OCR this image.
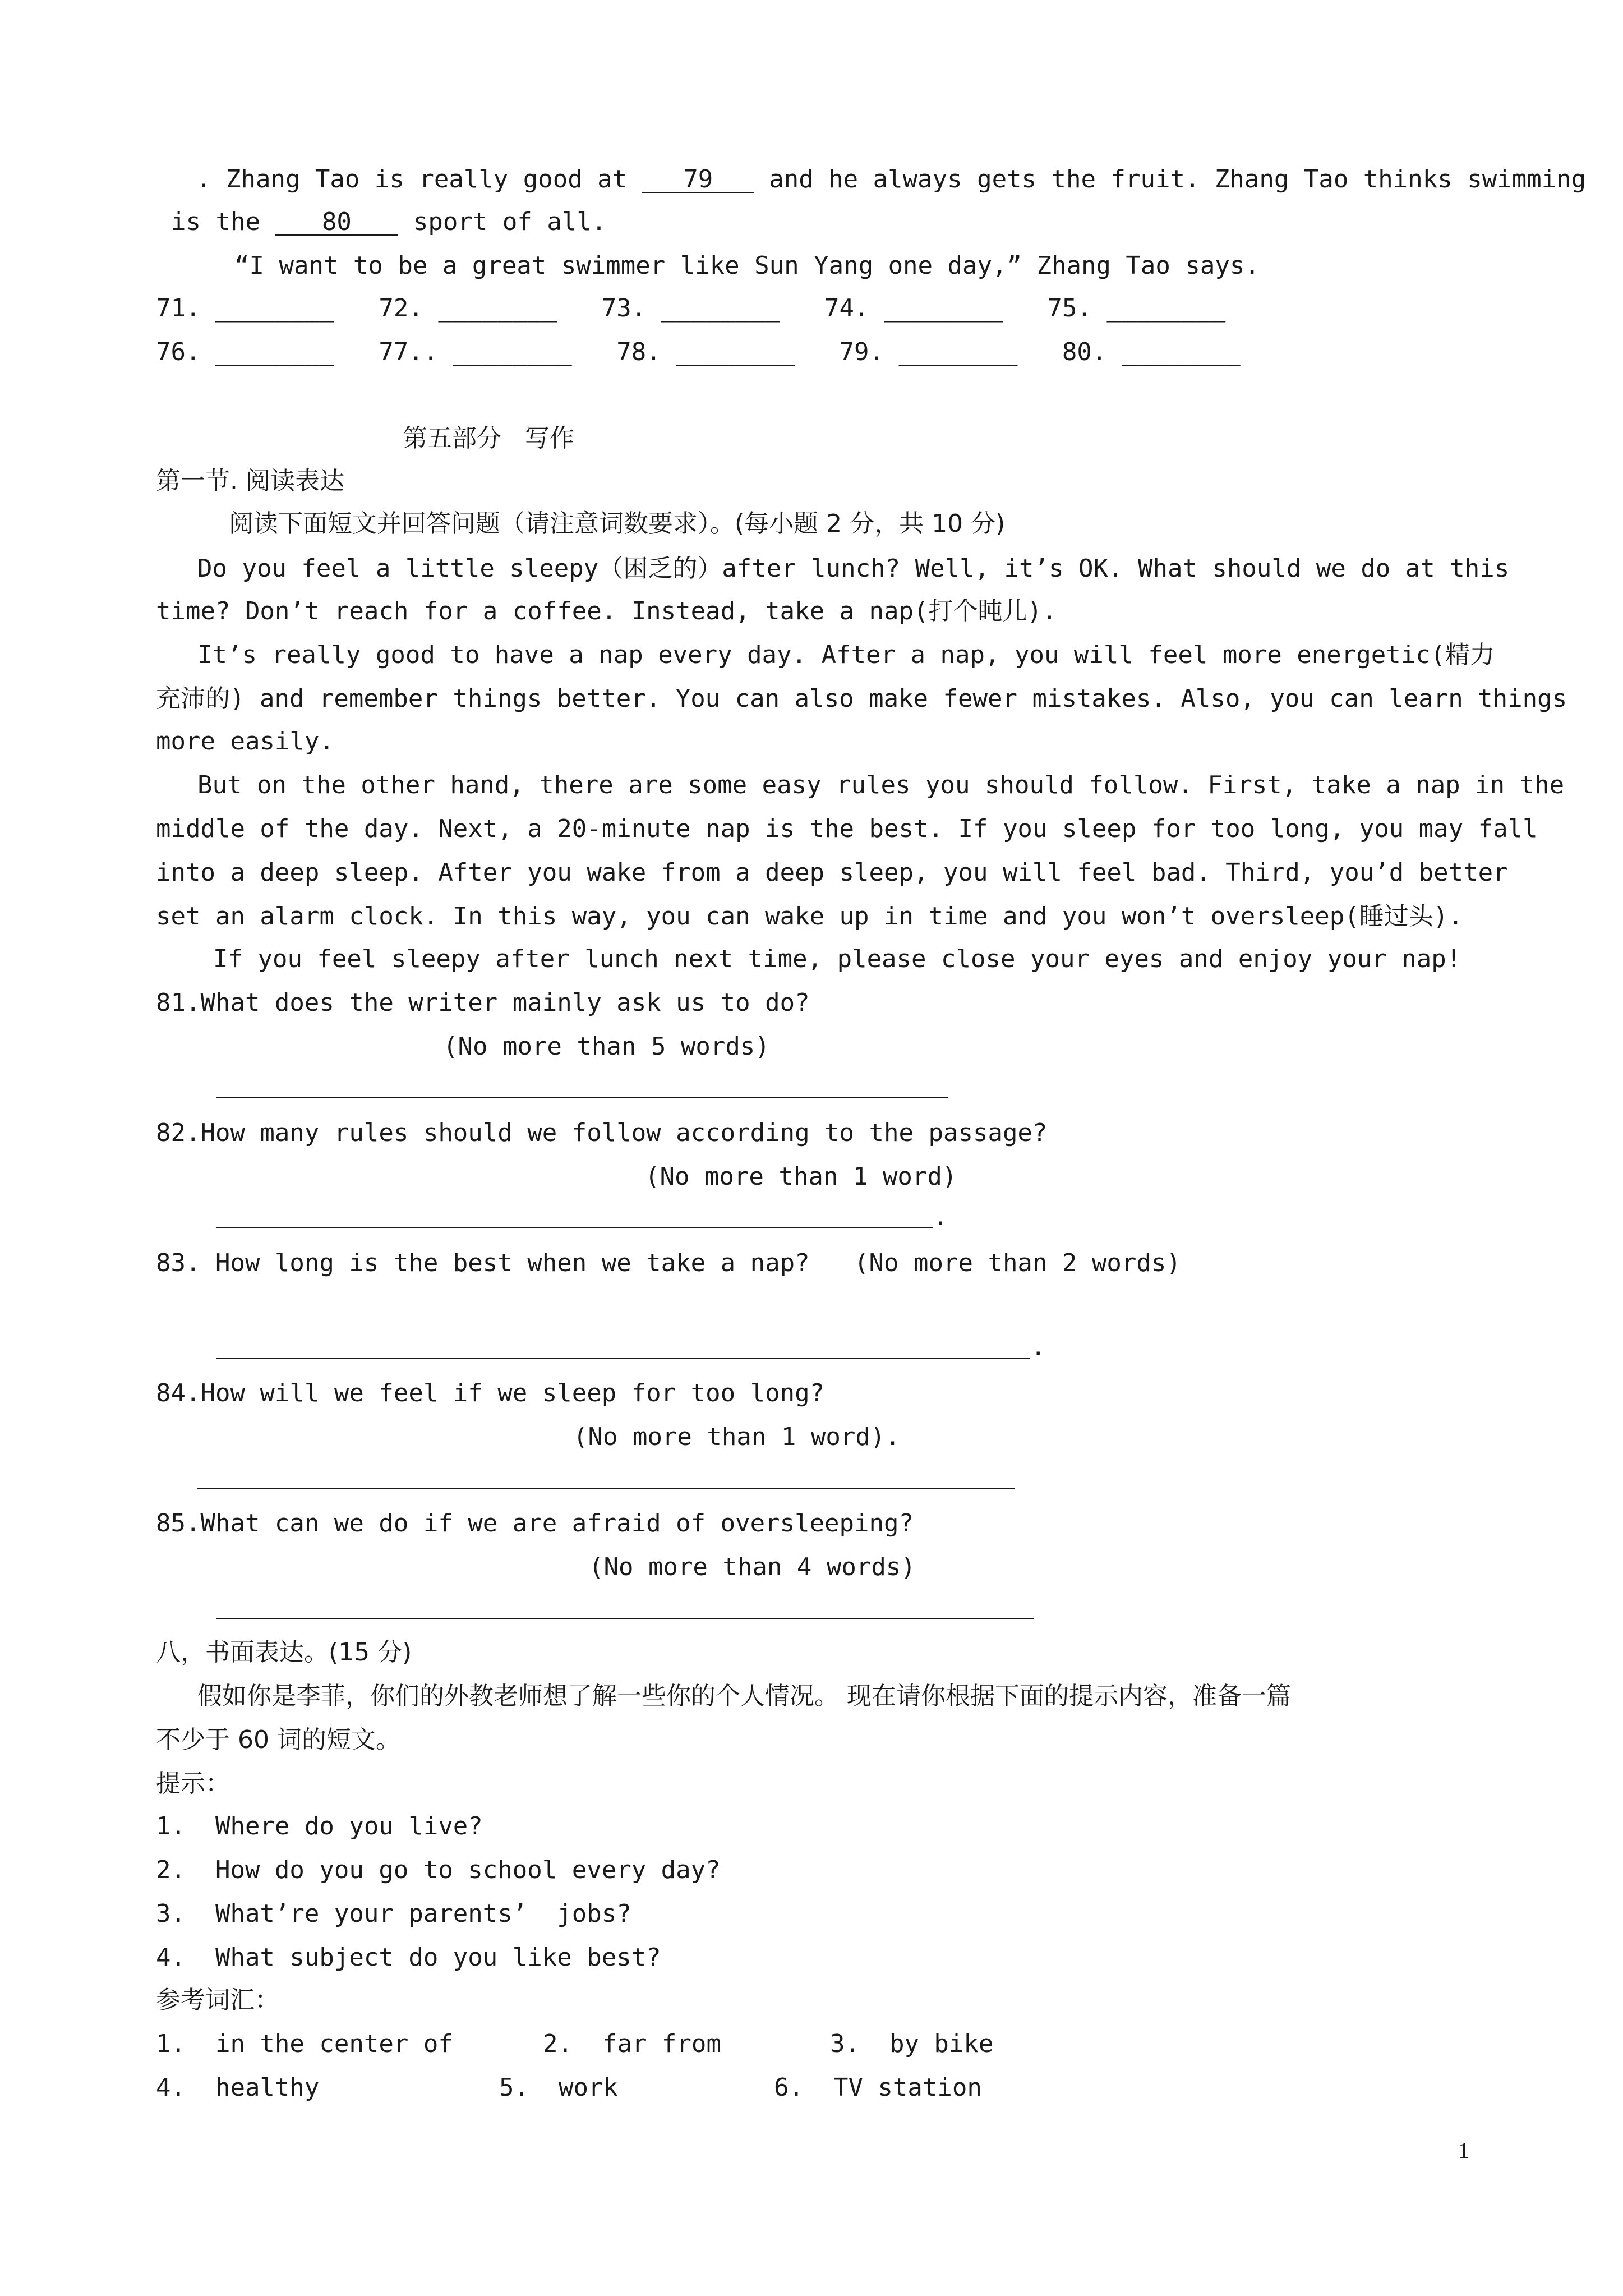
. Zhang Tao is really good at 79 and he always gets the fruit. Zhang Tao thinks swimming
is the 80 sport of all.
“I want to be a great swimmer like Sun Yang one day,” Zhang Tao says.
71. ________   72. ________   73. ________   74. ________   75. ________
76. ________   77.. ________   78. ________   79. ________   80. ________
第五部分   写作
第一节. 阅读表达
阅读下面短文并回答问题（请注意词数要求）。(每小题 2 分，共 10 分)
Do you feel a little sleepy（困乏的）after lunch? Well, it’s OK. What should we do at this
time? Don’t reach for a coffee. Instead, take a nap(打个盹儿).
It’s really good to have a nap every day. After a nap, you will feel more energetic(精力
充沛的) and remember things better. You can also make fewer mistakes. Also, you can learn things
more easily.
But on the other hand, there are some easy rules you should follow. First, take a nap in the
middle of the day. Next, a 20-minute nap is the best. If you sleep for too long, you may fall
into a deep sleep. After you wake from a deep sleep, you will feel bad. Third, you’d better
set an alarm clock. In this way, you can wake up in time and you won’t oversleep(睡过头).
If you feel sleepy after lunch next time, please close your eyes and enjoy your nap!
81.What does the writer mainly ask us to do?
(No more than 5 words)
82.How many rules should we follow according to the passage?
(No more than 1 word)
.
83. How long is the best when we take a nap?   (No more than 2 words)
.
84.How will we feel if we sleep for too long?
(No more than 1 word).
85.What can we do if we are afraid of oversleeping?
(No more than 4 words)
八，书面表达。(15 分)
假如你是李菲，你们的外教老师想了解一些你的个人情况。 现在请你根据下面的提示内容，准备一篇
不少于 60 词的短文。
提示：
1.  Where do you live?
2.  How do you go to school every day?
3.  What’re your parents’  jobs?
4.  What subject do you like best?
参考词汇：
1.  in the center of	2.  far from	3.  by bike
4.  healthy	5.  work	6.  TV station
1
